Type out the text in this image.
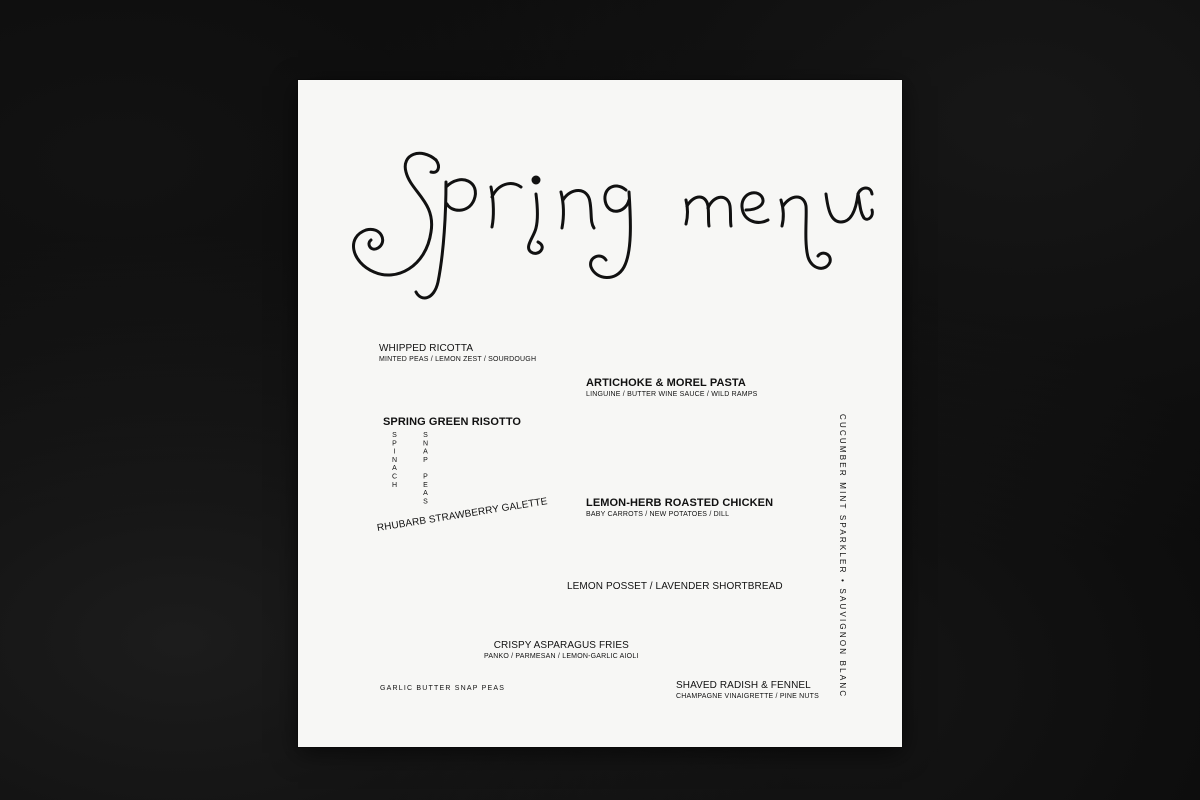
WHIPPED RICOTTA
MINTED PEAS / LEMON ZEST / SOURDOUGH
ARTICHOKE & MOREL PASTA
LINGUINE / BUTTER WINE SAUCE / WILD RAMPS
SPRING GREEN RISOTTO
SPINACH	SNAP PEAS
RHUBARB STRAWBERRY GALETTE	LEMON-HERB ROASTED CHICKEN
BABY CARROTS / NEW POTATOES / DILL
LEMON POSSET / LAVENDER SHORTBREAD
CRISPY ASPARAGUS FRIES
PANKO / PARMESAN / LEMON-GARLIC AIOLI
GARLIC BUTTER SNAP PEAS	SHAVED RADISH & FENNEL
CHAMPAGNE VINAIGRETTE / PINE NUTS CUCUMBER MINT SPARKLER • SAUVIGNON BLANC
